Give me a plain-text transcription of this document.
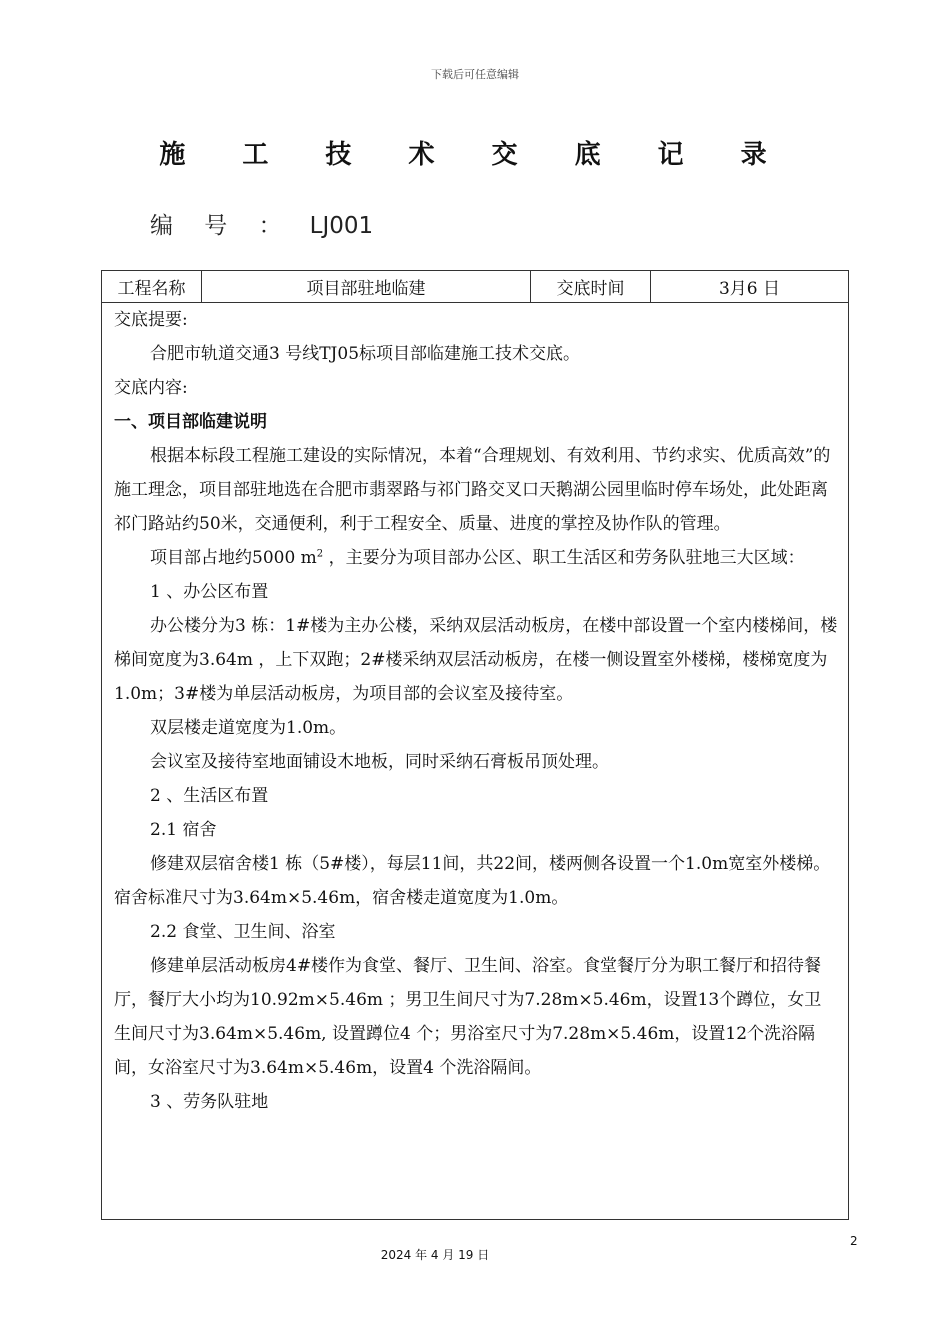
下载后可任意编辑
施 工 技 术 交 底 记 录
编 号 ： LJ001
工程名称	项目部驻地临建	交底时间	3月6 日

交底提要:

合肥市轨道交通3 号线TJ05标项目部临建施工技术交底。

交底内容:

一、项目部临建说明

根据本标段工程施工建设的实际情况，本着“合理规划、有效利用、节约求实、优质高效”的施工理念，项目部驻地选在合肥市翡翠路与祁门路交叉口天鹅湖公园里临时停车场处，此处距离祁门路站约50米，交通便利，利于工程安全、质量、进度的掌控及协作队的管理。

项目部占地约5000 $m^2$ ，主要分为项目部办公区、职工生活区和劳务队驻地三大区域：

1 、办公区布置

办公楼分为3 栋：1#楼为主办公楼，采纳双层活动板房，在楼中部设置一个室内楼梯间，楼梯间宽度为3.64m ，上下双跑；2#楼采纳双层活动板房，在楼一侧设置室外楼梯，楼梯宽度为1.0m；3#楼为单层活动板房，为项目部的会议室及接待室。

双层楼走道宽度为1.0m。

会议室及接待室地面铺设木地板，同时采纳石膏板吊顶处理。

2 、生活区布置

2.1 宿舍

修建双层宿舍楼1 栋（5#楼），每层11间，共22间，楼两侧各设置一个1.0m宽室外楼梯。宿舍标准尺寸为3.64m×5.46m，宿舍楼走道宽度为1.0m。

2.2 食堂、卫生间、浴室

修建单层活动板房4#楼作为食堂、餐厅、卫生间、浴室。食堂餐厅分为职工餐厅和招待餐厅，餐厅大小均为10.92m×5.46m ；男卫生间尺寸为7.28m×5.46m，设置13个蹲位，女卫生间尺寸为3.64m×5.46m, 设置蹲位4 个；男浴室尺寸为7.28m×5.46m，设置12个洗浴隔间，女浴室尺寸为3.64m×5.46m，设置4 个洗浴隔间。

3 、劳务队驻地

2
2024 年 4 月 19 日
